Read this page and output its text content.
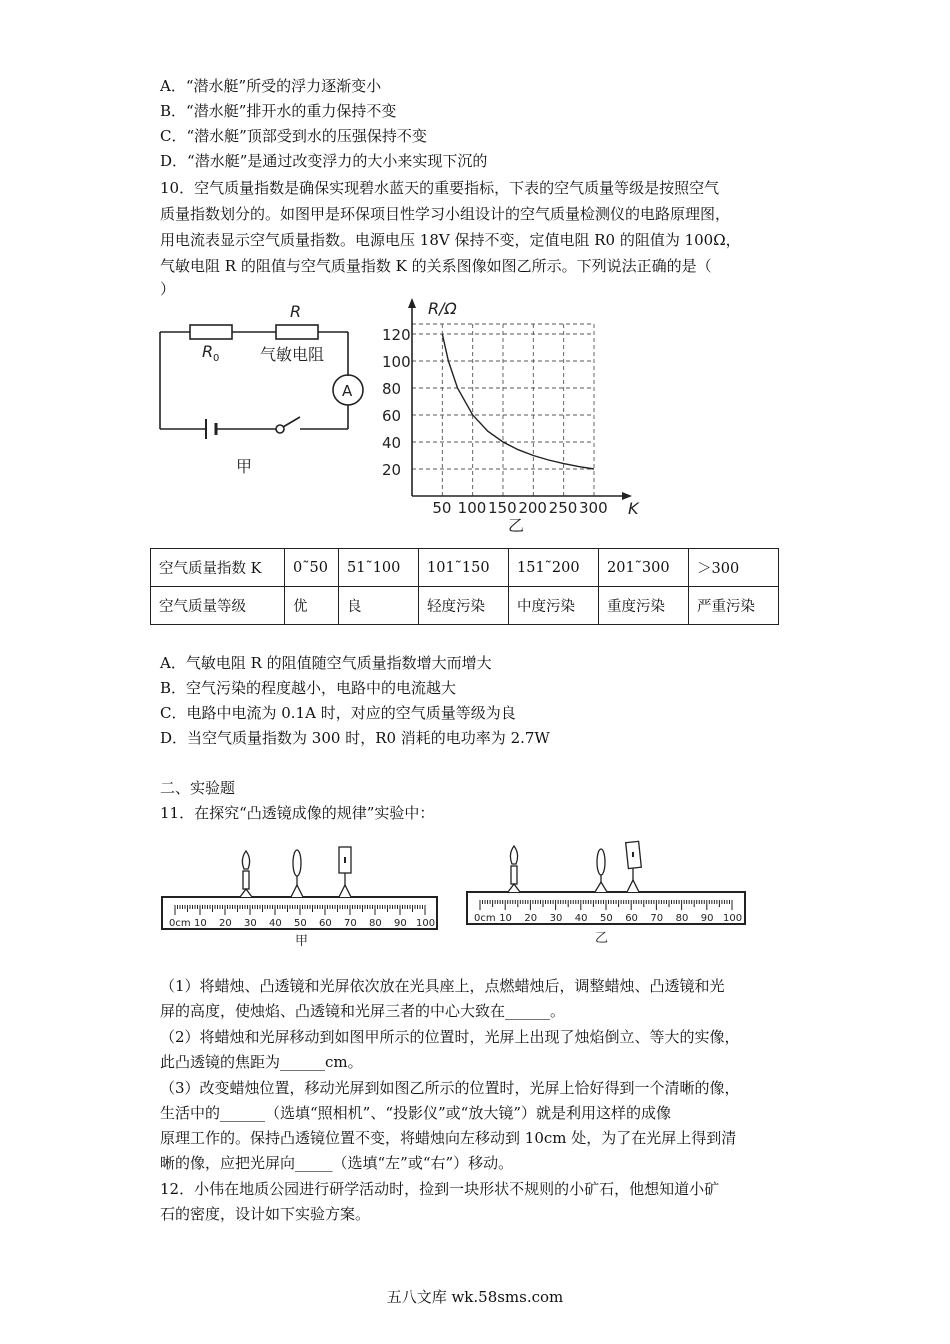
A．“潜水艇”所受的浮力逐渐变小
B．“潜水艇”排开水的重力保持不变
C．“潜水艇”顶部受到水的压强保持不变
D．“潜水艇”是通过改变浮力的大小来实现下沉的
10．空气质量指数是确保实现碧水蓝天的重要指标，下表的空气质量等级是按照空气
质量指数划分的。如图甲是环保项目性学习小组设计的空气质量检测仪的电路原理图，
用电流表显示空气质量指数。电源电压 18V 保持不变，定值电阻 R0 的阻值为 100Ω，
气敏电阻 R 的阻值与空气质量指数 K 的关系图像如图乙所示。下列说法正确的是（
）
R
R 0	气敏电阻
A
甲
R/Ω
K
20
40
60
80
100
120
50 100 150 200 250 300
乙
空气质量指数 K	0˜50	51˜100	101˜150	151˜200	201˜300	＞300
空气质量等级	优	良	轻度污染	中度污染	重度污染	严重污染
A．气敏电阻 R 的阻值随空气质量指数增大而增大
B．空气污染的程度越小，电路中的电流越大
C．电路中电流为 0.1A 时，对应的空气质量等级为良
D．当空气质量指数为 300 时，R0 消耗的电功率为 2.7W
二、实验题
11．在探究“凸透镜成像的规律”实验中：
0cm 10 20 30 40 50 60 70 80 90 100
甲
0cm 10 20 30 40 50 60 70 80 90 100
乙
（1）将蜡烛、凸透镜和光屏依次放在光具座上，点燃蜡烛后，调整蜡烛、凸透镜和光
屏的高度，使烛焰、凸透镜和光屏三者的中心大致在______。
（2）将蜡烛和光屏移动到如图甲所示的位置时，光屏上出现了烛焰倒立、等大的实像，
此凸透镜的焦距为______cm。
（3）改变蜡烛位置，移动光屏到如图乙所示的位置时，光屏上恰好得到一个清晰的像，
生活中的______（选填“照相机”、“投影仪”或“放大镜”）就是利用这样的成像
原理工作的。保持凸透镜位置不变，将蜡烛向左移动到 10cm 处，为了在光屏上得到清
晰的像，应把光屏向_____（选填“左”或“右”）移动。
12．小伟在地质公园进行研学活动时，捡到一块形状不规则的小矿石，他想知道小矿
石的密度，设计如下实验方案。
五八文库 wk.58sms.com
